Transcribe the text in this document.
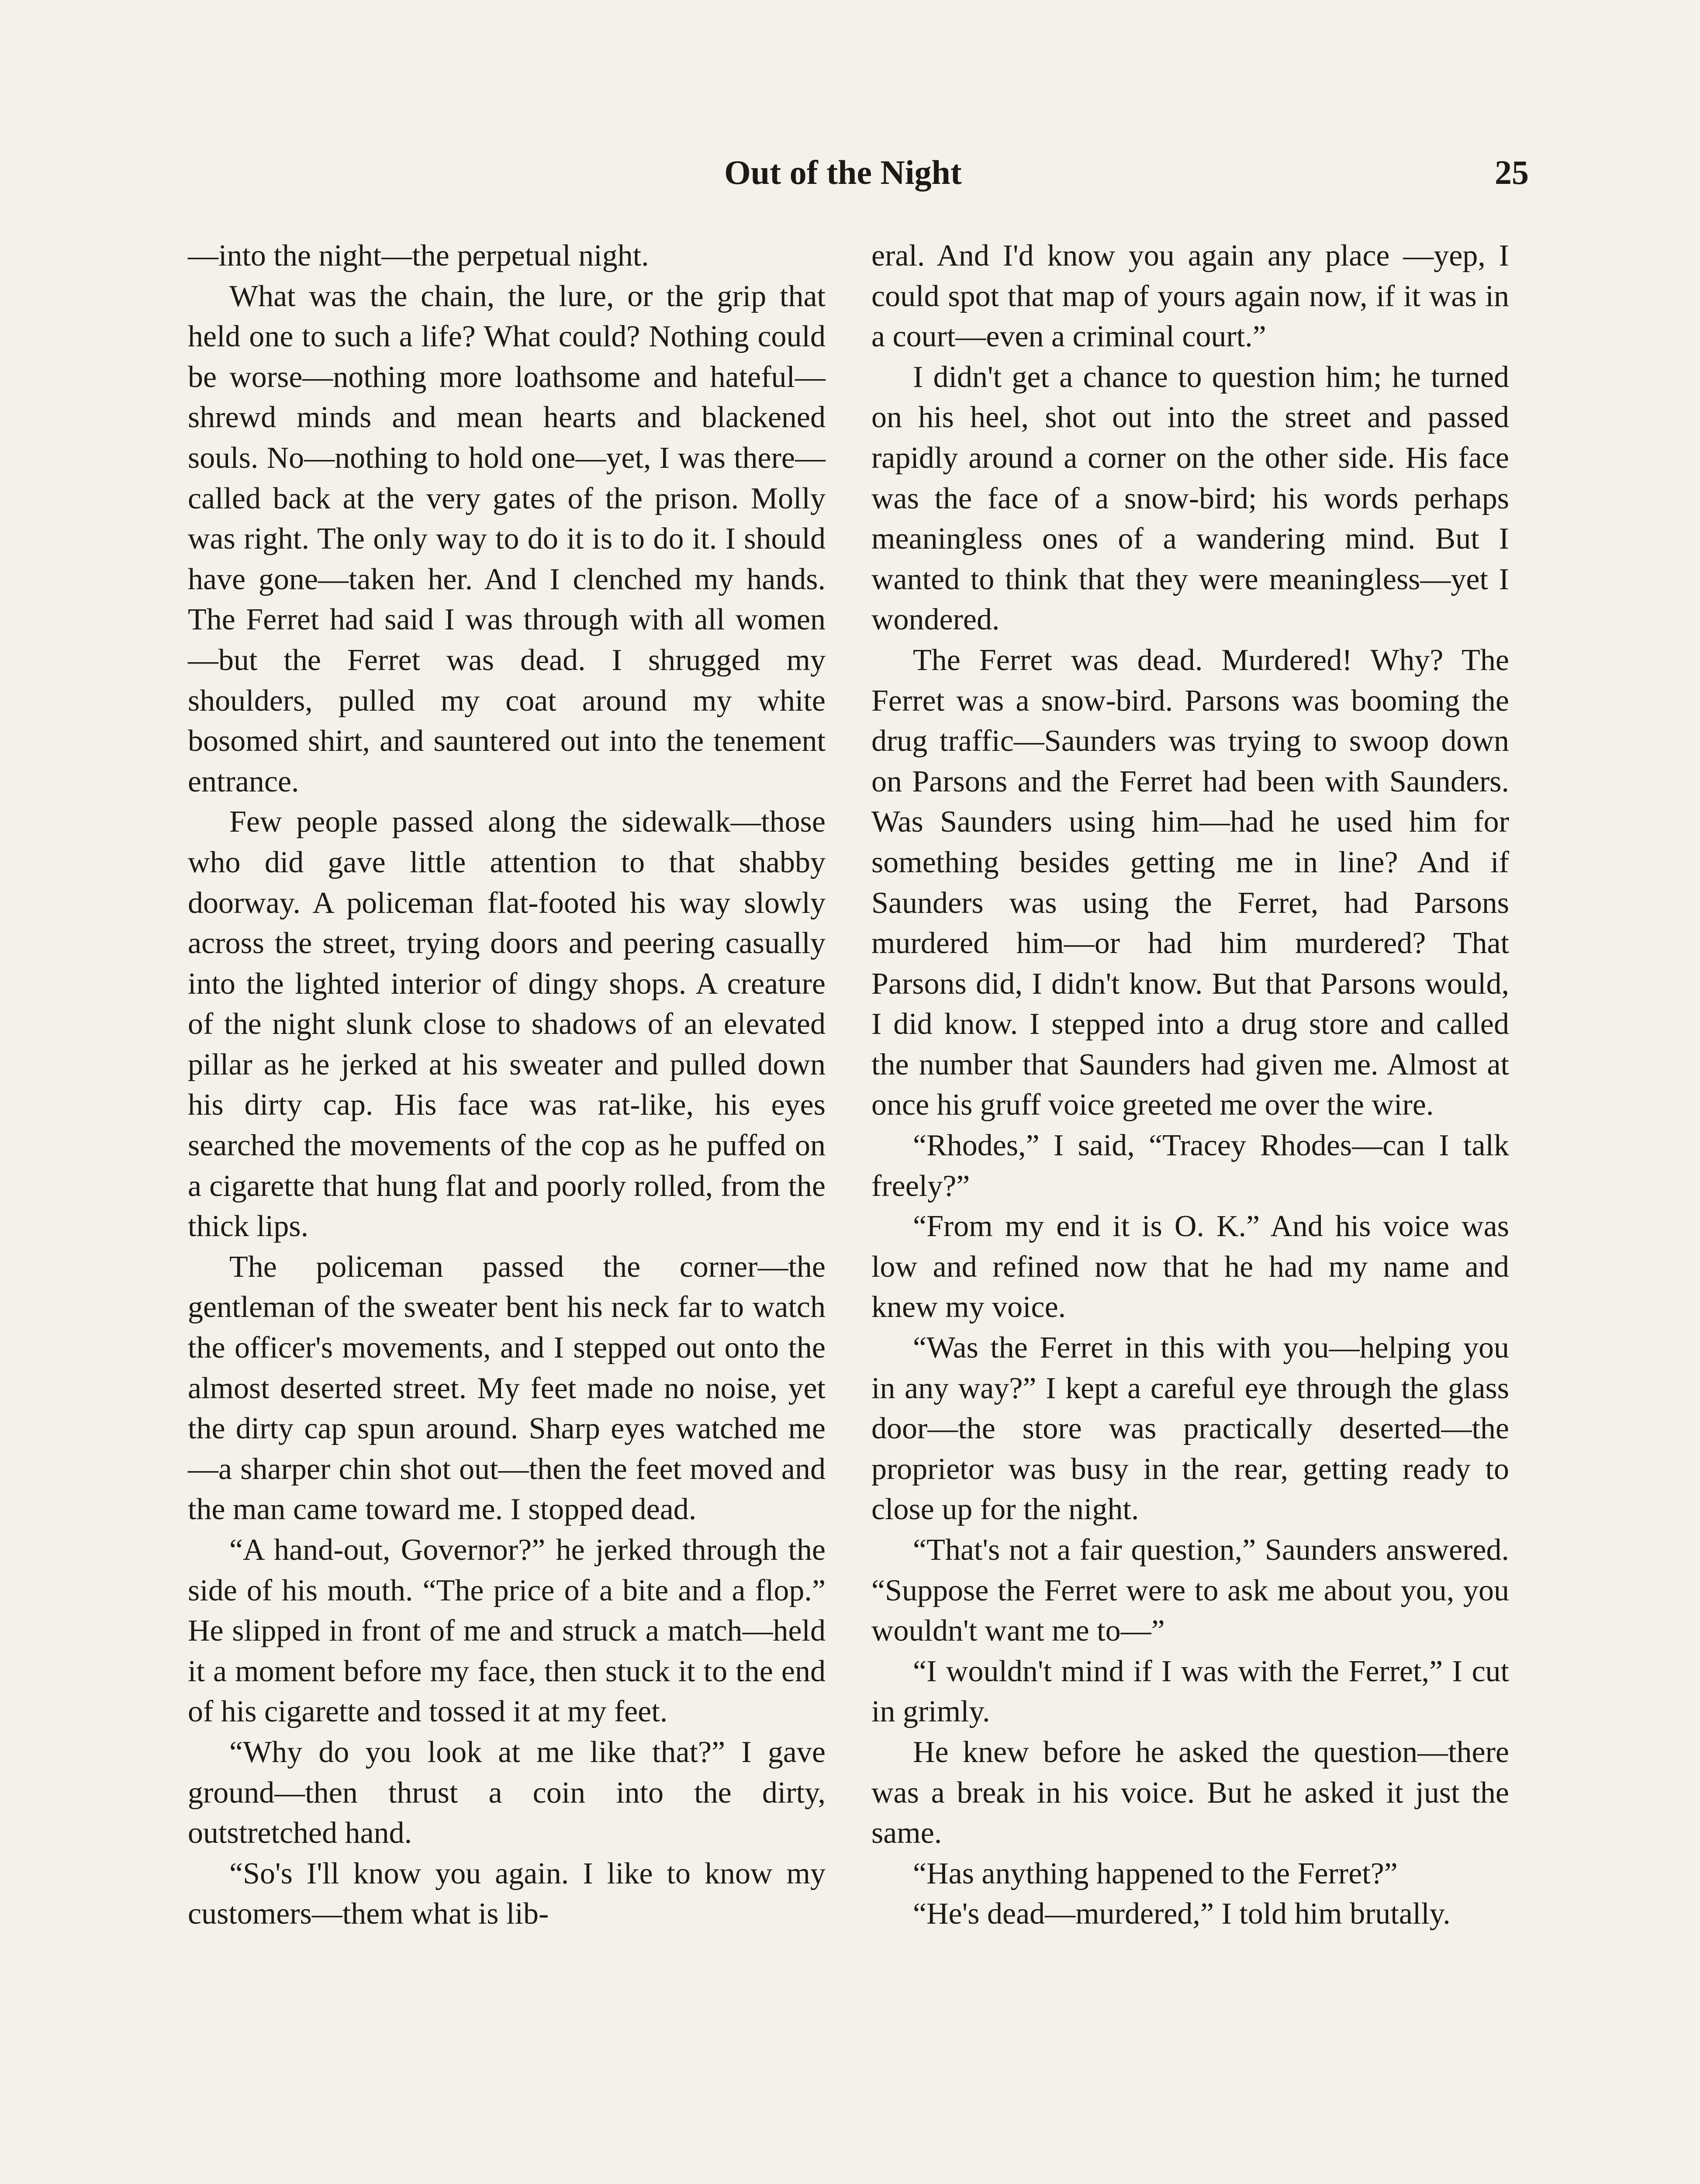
Out of the Night	25

—into the night—the perpetual night.

What was the chain, the lure, or the grip that held one to such a life? What could? Nothing could be worse—nothing more loathsome and hateful—shrewd minds and mean hearts and blackened souls. No—nothing to hold one—yet, I was there—called back at the very gates of the prison. Molly was right. The only way to do it is to do it. I should have gone—taken her. And I clenched my hands. The Ferret had said I was through with all women—but the Ferret was dead. I shrugged my shoulders, pulled my coat around my white bosomed shirt, and sauntered out into the tenement entrance.

Few people passed along the sidewalk—those who did gave little attention to that shabby doorway. A policeman flat-footed his way slowly across the street, trying doors and peering casually into the lighted interior of dingy shops. A creature of the night slunk close to shadows of an elevated pillar as he jerked at his sweater and pulled down his dirty cap. His face was rat-like, his eyes searched the movements of the cop as he puffed on a cigarette that hung flat and poorly rolled, from the thick lips.

The policeman passed the corner—the gentleman of the sweater bent his neck far to watch the officer's movements, and I stepped out onto the almost deserted street. My feet made no noise, yet the dirty cap spun around. Sharp eyes watched me—a sharper chin shot out—then the feet moved and the man came toward me. I stopped dead.

“A hand-out, Governor?” he jerked through the side of his mouth. “The price of a bite and a flop.” He slipped in front of me and struck a match—held it a moment before my face, then stuck it to the end of his cigarette and tossed it at my feet.

“Why do you look at me like that?” I gave ground—then thrust a coin into the dirty, outstretched hand.

“So's I'll know you again. I like to know my customers—them what is lib-

eral. And I'd know you again any place —yep, I could spot that map of yours again now, if it was in a court—even a criminal court.”

I didn't get a chance to question him; he turned on his heel, shot out into the street and passed rapidly around a corner on the other side. His face was the face of a snow-bird; his words perhaps meaningless ones of a wandering mind. But I wanted to think that they were meaningless—yet I wondered.

The Ferret was dead. Murdered! Why? The Ferret was a snow-bird. Parsons was booming the drug traffic—Saunders was trying to swoop down on Parsons and the Ferret had been with Saunders. Was Saunders using him—had he used him for something besides getting me in line? And if Saunders was using the Ferret, had Parsons murdered him—or had him murdered? That Parsons did, I didn't know. But that Parsons would, I did know. I stepped into a drug store and called the number that Saunders had given me. Almost at once his gruff voice greeted me over the wire.

“Rhodes,” I said, “Tracey Rhodes—can I talk freely?”

“From my end it is O. K.” And his voice was low and refined now that he had my name and knew my voice.

“Was the Ferret in this with you—helping you in any way?” I kept a careful eye through the glass door—the store was practically deserted—the proprietor was busy in the rear, getting ready to close up for the night.

“That's not a fair question,” Saunders answered. “Suppose the Ferret were to ask me about you, you wouldn't want me to—”

“I wouldn't mind if I was with the Ferret,” I cut in grimly.

He knew before he asked the question—there was a break in his voice. But he asked it just the same.

“Has anything happened to the Ferret?”

“He's dead—murdered,” I told him brutally.
